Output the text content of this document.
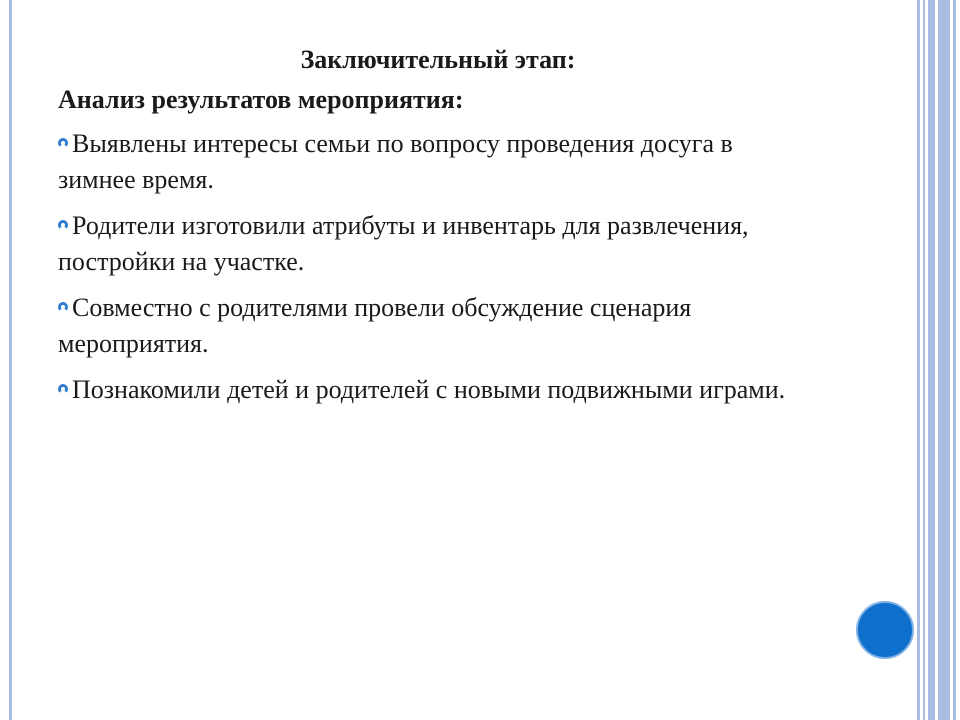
Заключительный этап:
Анализ результатов мероприятия:
Выявлены интересы семьи по вопросу проведения досуга в зимнее время.
Родители изготовили атрибуты и инвентарь для развлечения, постройки на участке.
Совместно с родителями провели обсуждение сценария мероприятия.
Познакомили детей и родителей с новыми подвижными играми.
